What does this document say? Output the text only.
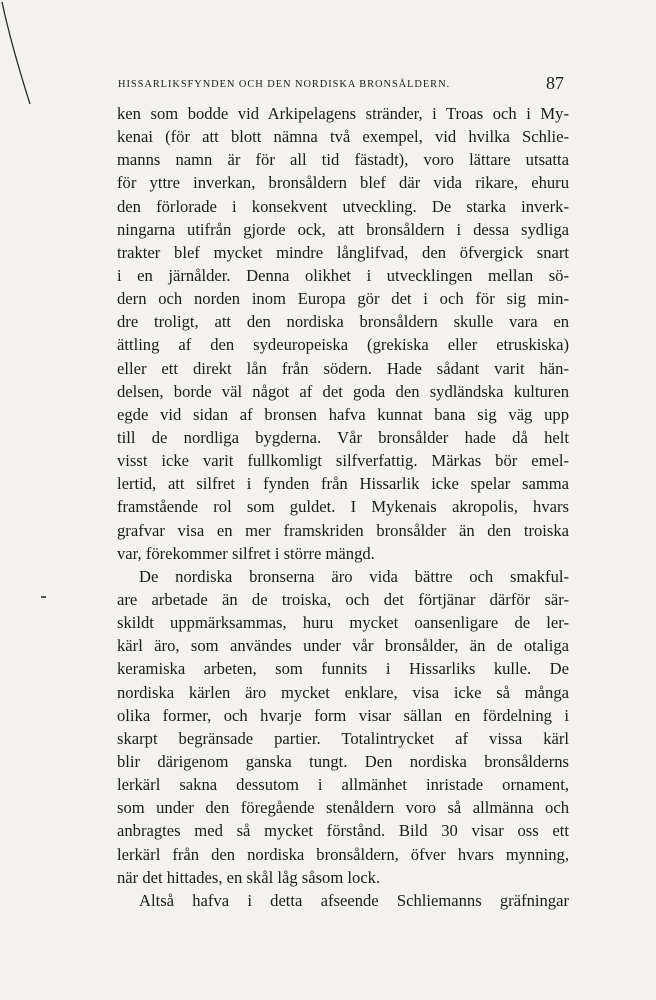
HISSARLIKSFYNDEN OCH DEN NORDISKA BRONSÅLDERN.	87
ken som bodde vid Arkipelagens stränder, i Troas och i My-
kenai (för att blott nämna två exempel, vid hvilka Schlie-
manns namn är för all tid fästadt), voro lättare utsatta
för yttre inverkan, bronsåldern blef där vida rikare, ehuru
den förlorade i konsekvent utveckling. De starka inverk-
ningarna utifrån gjorde ock, att bronsåldern i dessa sydliga
trakter blef mycket mindre långlifvad, den öfvergick snart
i en järnålder. Denna olikhet i utvecklingen mellan sö-
dern och norden inom Europa gör det i och för sig min-
dre troligt, att den nordiska bronsåldern skulle vara en
ättling af den sydeuropeiska (grekiska eller etruskiska)
eller ett direkt lån från södern. Hade sådant varit hän-
delsen, borde väl något af det goda den sydländska kulturen
egde vid sidan af bronsen hafva kunnat bana sig väg upp
till de nordliga bygderna. Vår bronsålder hade då helt
visst icke varit fullkomligt silfverfattig. Märkas bör emel-
lertid, att silfret i fynden från Hissarlik icke spelar samma
framstående rol som guldet. I Mykenais akropolis, hvars
grafvar visa en mer framskriden bronsålder än den troiska
var, förekommer silfret i större mängd.
De nordiska bronserna äro vida bättre och smakful-
are arbetade än de troiska, och det förtjänar därför sär-
skildt uppmärksammas, huru mycket oansenligare de ler-
kärl äro, som användes under vår bronsålder, än de otaliga
keramiska arbeten, som funnits i Hissarliks kulle. De
nordiska kärlen äro mycket enklare, visa icke så många
olika former, och hvarje form visar sällan en fördelning i
skarpt begränsade partier. Totalintrycket af vissa kärl
blir därigenom ganska tungt. Den nordiska bronsålderns
lerkärl sakna dessutom i allmänhet inristade ornament,
som under den föregående stenåldern voro så allmänna och
anbragtes med så mycket förstånd. Bild 30 visar oss ett
lerkärl från den nordiska bronsåldern, öfver hvars mynning,
när det hittades, en skål låg såsom lock.
Altså hafva i detta afseende Schliemanns gräfningar
